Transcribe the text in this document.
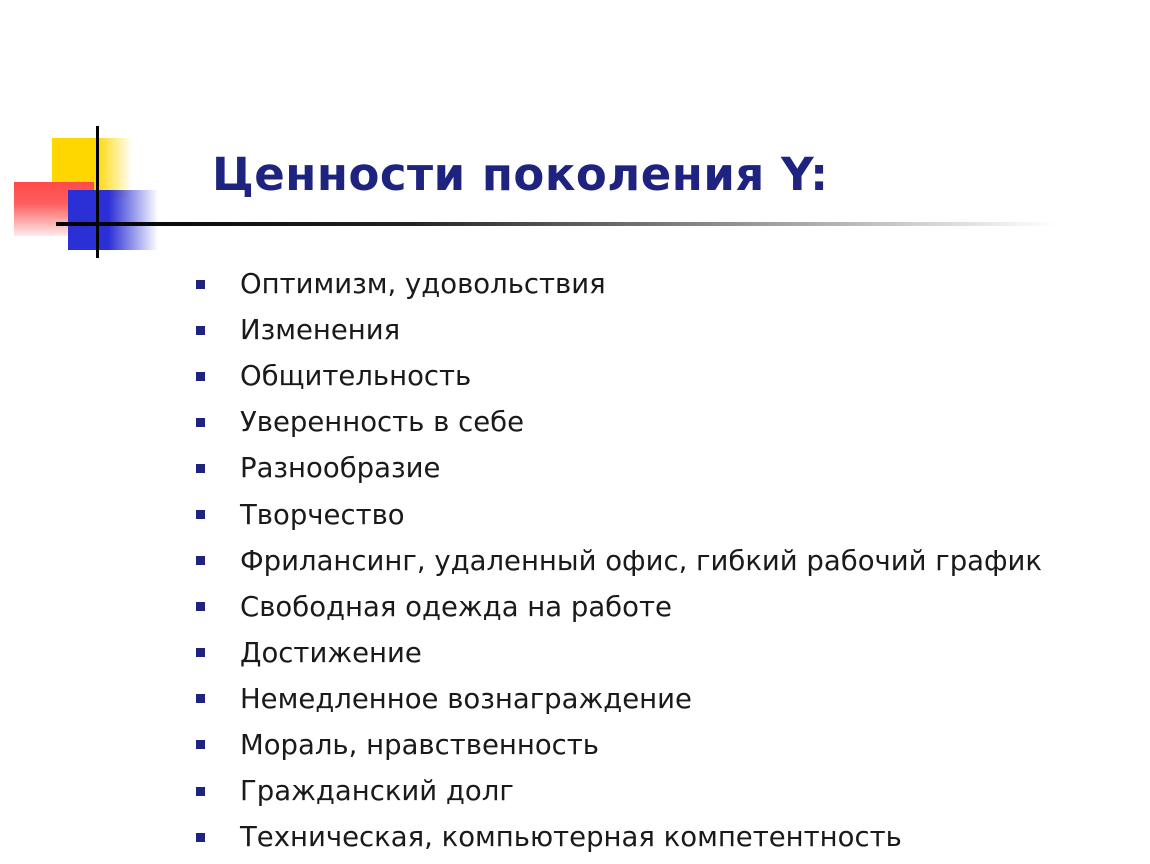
Ценности поколения Y:
Оптимизм, удовольствия
Изменения
Общительность
Уверенность в себе
Разнообразие
Творчество
Фрилансинг, удаленный офис, гибкий рабочий график
Свободная одежда на работе
Достижение
Немедленное вознаграждение
Мораль, нравственность
Гражданский долг
Техническая, компьютерная компетентность
